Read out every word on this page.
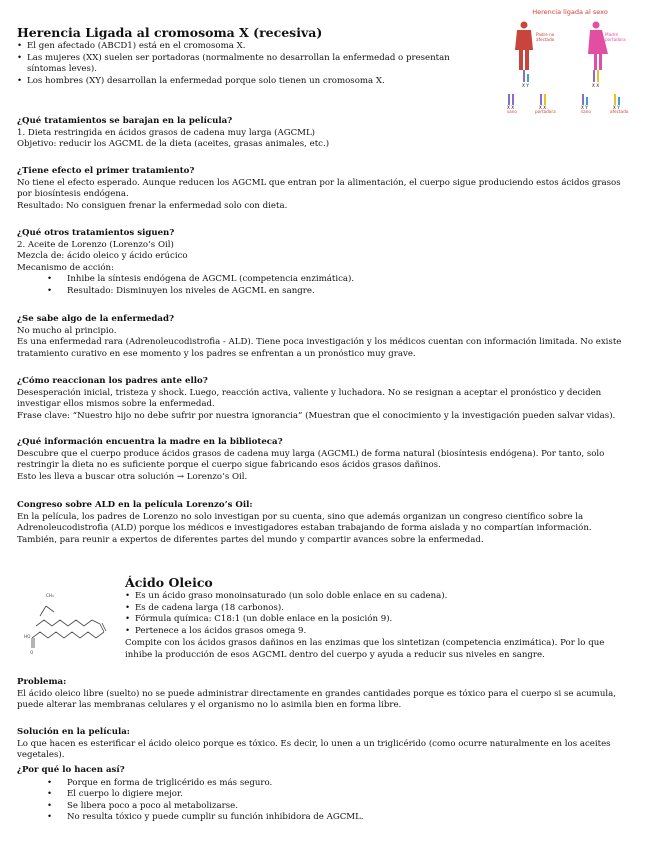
Herencia Ligada al cromosoma X (recesiva)
• El gen afectado (ABCD1) está en el cromosoma X.
• Las mujeres (XX) suelen ser portadoras (normalmente no desarrollan la enfermedad o presentan síntomas leves).
• Los hombres (XY) desarrollan la enfermedad porque solo tienen un cromosoma X.
Herencia ligada al sexo
Padre no afectado
Madre portadora
X Y	X X
X X
sano
X X
portadora
X Y
sano
X Y
afectado
¿Qué tratamientos se barajan en la película?

1. Dieta restringida en ácidos grasos de cadena muy larga (AGCML)

Objetivo: reducir los AGCML de la dieta (aceites, grasas animales, etc.)

¿Tiene efecto el primer tratamiento?

No tiene el efecto esperado. Aunque reducen los AGCML que entran por la alimentación, el cuerpo sigue produciendo estos ácidos grasos por biosíntesis endógena.

Resultado: No consiguen frenar la enfermedad solo con dieta.

¿Qué otros tratamientos siguen?

2. Aceite de Lorenzo (Lorenzo’s Oil)

Mezcla de: ácido oleico y ácido erúcico

Mecanismo de acción:

• Inhibe la síntesis endógena de AGCML (competencia enzimática).
• Resultado: Disminuyen los niveles de AGCML en sangre.
¿Se sabe algo de la enfermedad?

No mucho al principio.

Es una enfermedad rara (Adrenoleucodistrofia - ALD). Tiene poca investigación y los médicos cuentan con información limitada. No existe tratamiento curativo en ese momento y los padres se enfrentan a un pronóstico muy grave.

¿Cómo reaccionan los padres ante ello?

Desesperación inicial, tristeza y shock. Luego, reacción activa, valiente y luchadora. No se resignan a aceptar el pronóstico y deciden investigar ellos mismos sobre la enfermedad.

Frase clave: “Nuestro hijo no debe sufrir por nuestra ignorancia” (Muestran que el conocimiento y la investigación pueden salvar vidas).

¿Qué información encuentra la madre en la biblioteca?

Descubre que el cuerpo produce ácidos grasos de cadena muy larga (AGCML) de forma natural (biosíntesis endógena). Por tanto, solo restringir la dieta no es suficiente porque el cuerpo sigue fabricando esos ácidos grasos dañinos.

Esto les lleva a buscar otra solución → Lorenzo’s Oil.

Congreso sobre ALD en la película Lorenzo’s Oil:

En la película, los padres de Lorenzo no solo investigan por su cuenta, sino que además organizan un congreso científico sobre la Adrenoleucodistrofia (ALD) porque los médicos e investigadores estaban trabajando de forma aislada y no compartían información. También, para reunir a expertos de diferentes partes del mundo y compartir avances sobre la enfermedad.

CH₃
HO
O
Ácido Oleico
• Es un ácido graso monoinsaturado (un solo doble enlace en su cadena).
• Es de cadena larga (18 carbonos).
• Fórmula química: C18:1 (un doble enlace en la posición 9).
• Pertenece a los ácidos grasos omega 9.

Compite con los ácidos grasos dañinos en las enzimas que los sintetizan (competencia enzimática). Por lo que inhibe la producción de esos AGCML dentro del cuerpo y ayuda a reducir sus niveles en sangre.

Problema:

El ácido oleico libre (suelto) no se puede administrar directamente en grandes cantidades porque es tóxico para el cuerpo si se acumula, puede alterar las membranas celulares y el organismo no lo asimila bien en forma libre.

Solución en la película:

Lo que hacen es esterificar el ácido oleico porque es tóxico. Es decir, lo unen a un triglicérido (como ocurre naturalmente en los aceites vegetales).

¿Por qué lo hacen así?
• Porque en forma de triglicérido es más seguro.
• El cuerpo lo digiere mejor.
• Se libera poco a poco al metabolizarse.
• No resulta tóxico y puede cumplir su función inhibidora de AGCML.
